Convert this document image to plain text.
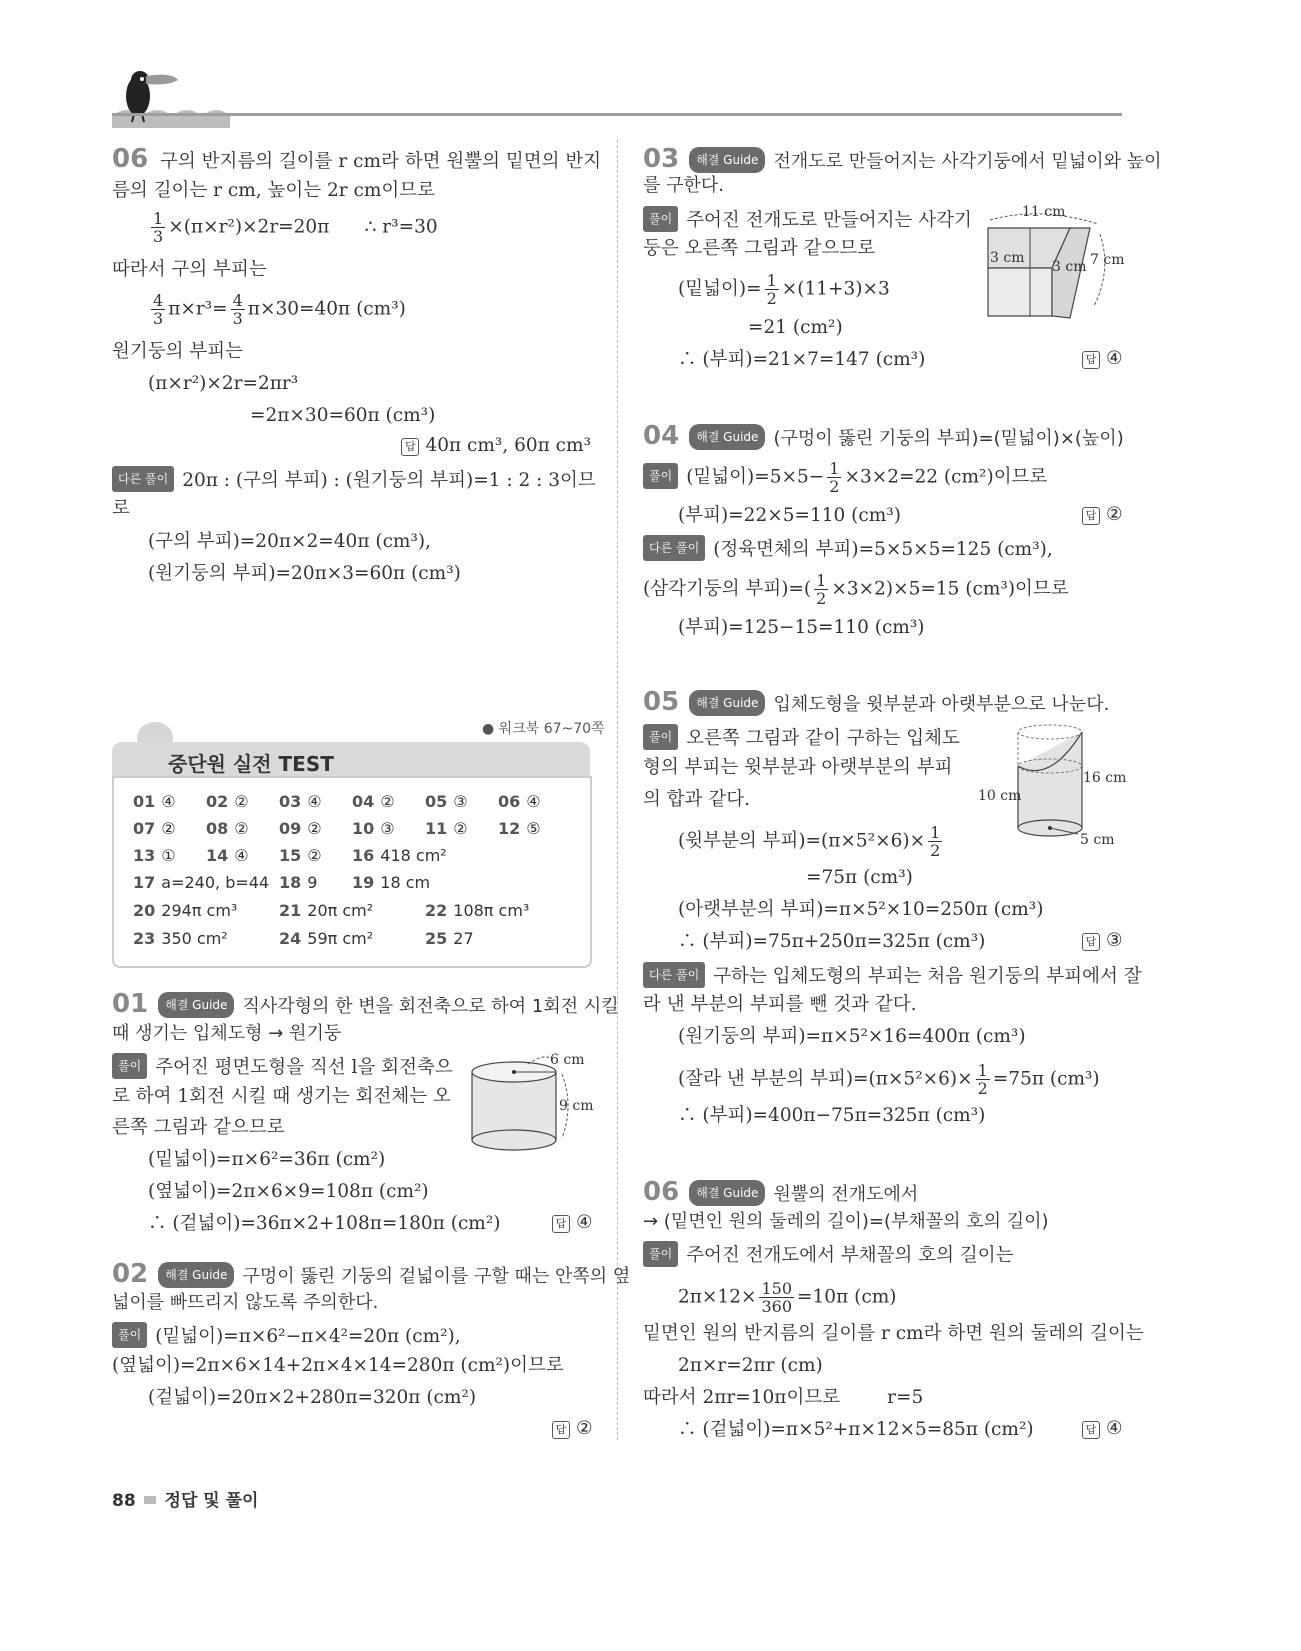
06 구의 반지름의 길이를 r cm라 하면 원뿔의 밑면의 반지
름의 길이는 r cm, 높이는 2r cm이므로
$\frac{1}{3} \times(\pi\times r^2)\times 2r=20\pi$ ∴ r³=30
따라서 구의 부피는
$\frac{4}{3} \pi\times r^3= \frac{4}{3} \pi\times 30=40\pi$ (cm³)
원기둥의 부피는
(π×r²)×2r=2πr³
=2π×30=60π (cm³)
답 40π cm³, 60π cm³
다른 풀이 20π : (구의 부피) : (원기둥의 부피)=1 : 2 : 3이므
로
(구의 부피)=20π×2=40π (cm³),
(원기둥의 부피)=20π×3=60π (cm³)
● 워크북 67~70쪽
중단원 실전 TEST
01 ④ 02 ② 03 ④ 04 ② 05 ③ 06 ④
07 ② 08 ② 09 ② 10 ③ 11 ② 12 ⑤
13 ① 14 ④ 15 ② 16 418 cm²
17 a=240, b=44 18 9 19 18 cm
20 294π cm³	21 20π cm²	22 108π cm³
23 350 cm²	24 59π cm²	25 27
01 해결 Guide 직사각형의 한 변을 회전축으로 하여 1회전 시킬
때 생기는 입체도형 → 원기둥
풀이 주어진 평면도형을 직선 l을 회전축으
로 하여 1회전 시킬 때 생기는 회전체는 오
른쪽 그림과 같으므로
6 cm
9 cm
(밑넓이)=π×6²=36π (cm²)
(옆넓이)=2π×6×9=108π (cm²)
∴ (겉넓이)=36π×2+108π=180π (cm²)	답 ④
02 해결 Guide 구멍이 뚫린 기둥의 겉넓이를 구할 때는 안쪽의 옆
넓이를 빠뜨리지 않도록 주의한다.
풀이 (밑넓이)=π×6²−π×4²=20π (cm²),
(옆넓이)=2π×6×14+2π×4×14=280π (cm²)이므로
(겉넓이)=20π×2+280π=320π (cm²)
답 ②
03 해결 Guide 전개도로 만들어지는 사각기둥에서 밑넓이와 높이
를 구한다.
풀이 주어진 전개도로 만들어지는 사각기
둥은 오른쪽 그림과 같으므로
(밑넓이)= $\frac{1}{2} \times(11+3)\times 3$
=21 (cm²)
∴ (부피)=21×7=147 (cm³)	답 ④
11 cm
3 cm
3 cm 7 cm
04 해결 Guide (구멍이 뚫린 기둥의 부피)=(밑넓이)×(높이)
풀이 (밑넓이)$=5\times 5- \frac{1}{2} \times 3\times 2=22$ (cm²)이므로
(부피)=22×5=110 (cm³)	답 ②
다른 풀이 (정육면체의 부피)=5×5×5=125 (cm³),
(삼각기둥의 부피)=( $\frac{1}{2} \times 3\times 2)\times 5=15$ (cm³)이므로
(부피)=125−15=110 (cm³)
05 해결 Guide 입체도형을 윗부분과 아랫부분으로 나눈다.
풀이 오른쪽 그림과 같이 구하는 입체도
형의 부피는 윗부분과 아랫부분의 부피
의 합과 같다.	10 cm
16 cm
5 cm
(윗부분의 부피)$=(\pi\times 5^2\times 6)\times \frac{1}{2}$
=75π (cm³)
(아랫부분의 부피)=π×5²×10=250π (cm³)
∴ (부피)=75π+250π=325π (cm³)	답 ③
다른 풀이 구하는 입체도형의 부피는 처음 원기둥의 부피에서 잘
라 낸 부분의 부피를 뺀 것과 같다.
(원기둥의 부피)=π×5²×16=400π (cm³)
(잘라 낸 부분의 부피)$=(\pi\times 5^2\times 6)\times \frac{1}{2} =75\pi$ (cm³)
∴ (부피)=400π−75π=325π (cm³)
06 해결 Guide 원뿔의 전개도에서
→ (밑면인 원의 둘레의 길이)=(부채꼴의 호의 길이)
풀이 주어진 전개도에서 부채꼴의 호의 길이는
$2\pi\times 12\times \frac{150}{360} =10\pi$ (cm)
밑면인 원의 반지름의 길이를 r cm라 하면 원의 둘레의 길이는
2π×r=2πr (cm)
따라서 2πr=10π이므로	r=5
∴ (겉넓이)=π×5²+π×12×5=85π (cm²)	답 ④
88 정답 및 풀이
